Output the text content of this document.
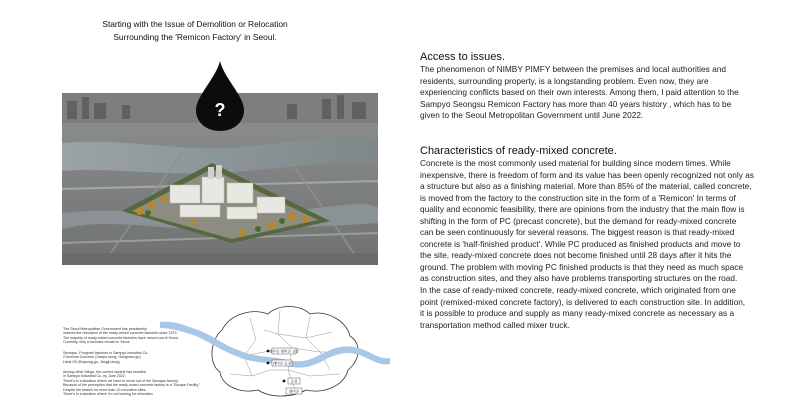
Starting with the Issue of Demolition or Relocation
Surrounding the 'Remicon Factory' in Seoul.
?
The Seoul Metropolitan Government has persistently
ordered the relocation of the ready-mixed concrete factories since 1979.
The majority of ready-mixed concrete factories have moved out of Seoul.
Currently, only a factories remain in Seoul.
Seongsu, Pungnab factories in Sampyo Industrial Co.
Cheonma Concrete (Gaepo-dong, Gangnam-gu)
Hanil Oil (Sinjeong-gu, Jangji-dong)
Among other things, the current lawsuit has resulted
in Sampyo Industrial Co. by June 2022.
There's in a situation where we have to move out of the Seongsu factory.
Because of the perception that the ready-mixed concrete factory is a "Escape Facility,"
Despite the search for more than 10 relocation sites,
There's in a situation where I'm not looking for relocation
성수동 레미콘 공장
레미콘 공장
공장
레미콘
Access to issues.
The phenomenon of NIMBY PIMFY between the premises and local authorities and
residents, surrounding property, is a longstanding problem. Even now, they are
experiencing conflicts based on their own interests. Among them, I paid attention to the
Sampyo Seongsu Remicon Factory has more than 40 years history , which has to be
given to the Seoul Metropolitan Government until June 2022.
Characteristics of ready-mixed concrete.
Concrete is the most commonly used material for building since modern times. While
inexpensive, there is freedom of form and its value has been openly recognized not only as
a structure but also as a finishing material. More than 85% of the material, called concrete,
is moved from the factory to the construction site in the form of a 'Remicon' In terms of
quality and economic feasibility, there are opinions from the industry that the main flow is
shifting in the form of PC (precast concrete), but the demand for ready-mixed concrete
can be seen continuously for several reasons. The biggest reason is that ready-mixed
concrete is 'half-finished product'. While PC produced as finished products and move to
the site, ready-mixed concrete does not become finished until 28 days after it hits the
ground. The problem with moving PC finished products is that they need as much space
as construction sites, and they also have problems transporting structures on the road.
In the case of ready-mixed concrete, ready-mixed concrete, which originated from one
point (remixed-mixed concrete factory), is delivered to each construction site. In addition,
it is possible to produce and supply as many ready-mixed concrete as necessary as a
transportation method called mixer truck.
